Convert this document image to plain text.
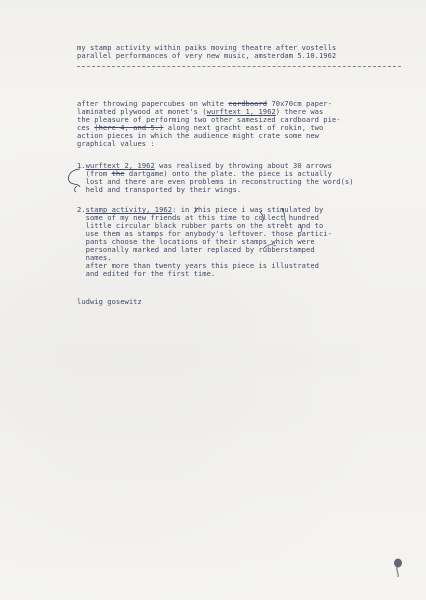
my stamp activity within paiks moving theatre after vostells
parallel performances of very new music, amsterdam 5.10.1962
after throwing papercubes on white cardboard 70x70cm paper-
laminated plywood at monet's (wurftext 1, 1962) there was
the pleasure of performing two other samesized cardboard pie-
ces (here 4, and 5.) along next gracht east of rokin, two
action pieces in which the audience might crate some new
graphical values :
1.wurftext 2, 1962 was realised by throwing about 30 arrows
(from the dartgame) onto the plate. the piece is actually
lost and there are even problems in reconstructing the word(s)
held and transported by their wings.
2.stamp activity, 1962: in this piece i was stimulated by
some of my new friends at this time to collect hundred
little circular black rubber parts on the street and to
use them as stamps for anybody's leftover. those partici-
pants choose the locations of their stamps which were
personally marked and later replaced by rubberstamped
names.
after more than twenty years this piece is illustrated
and edited for the first time.
ludwig gosewitz
